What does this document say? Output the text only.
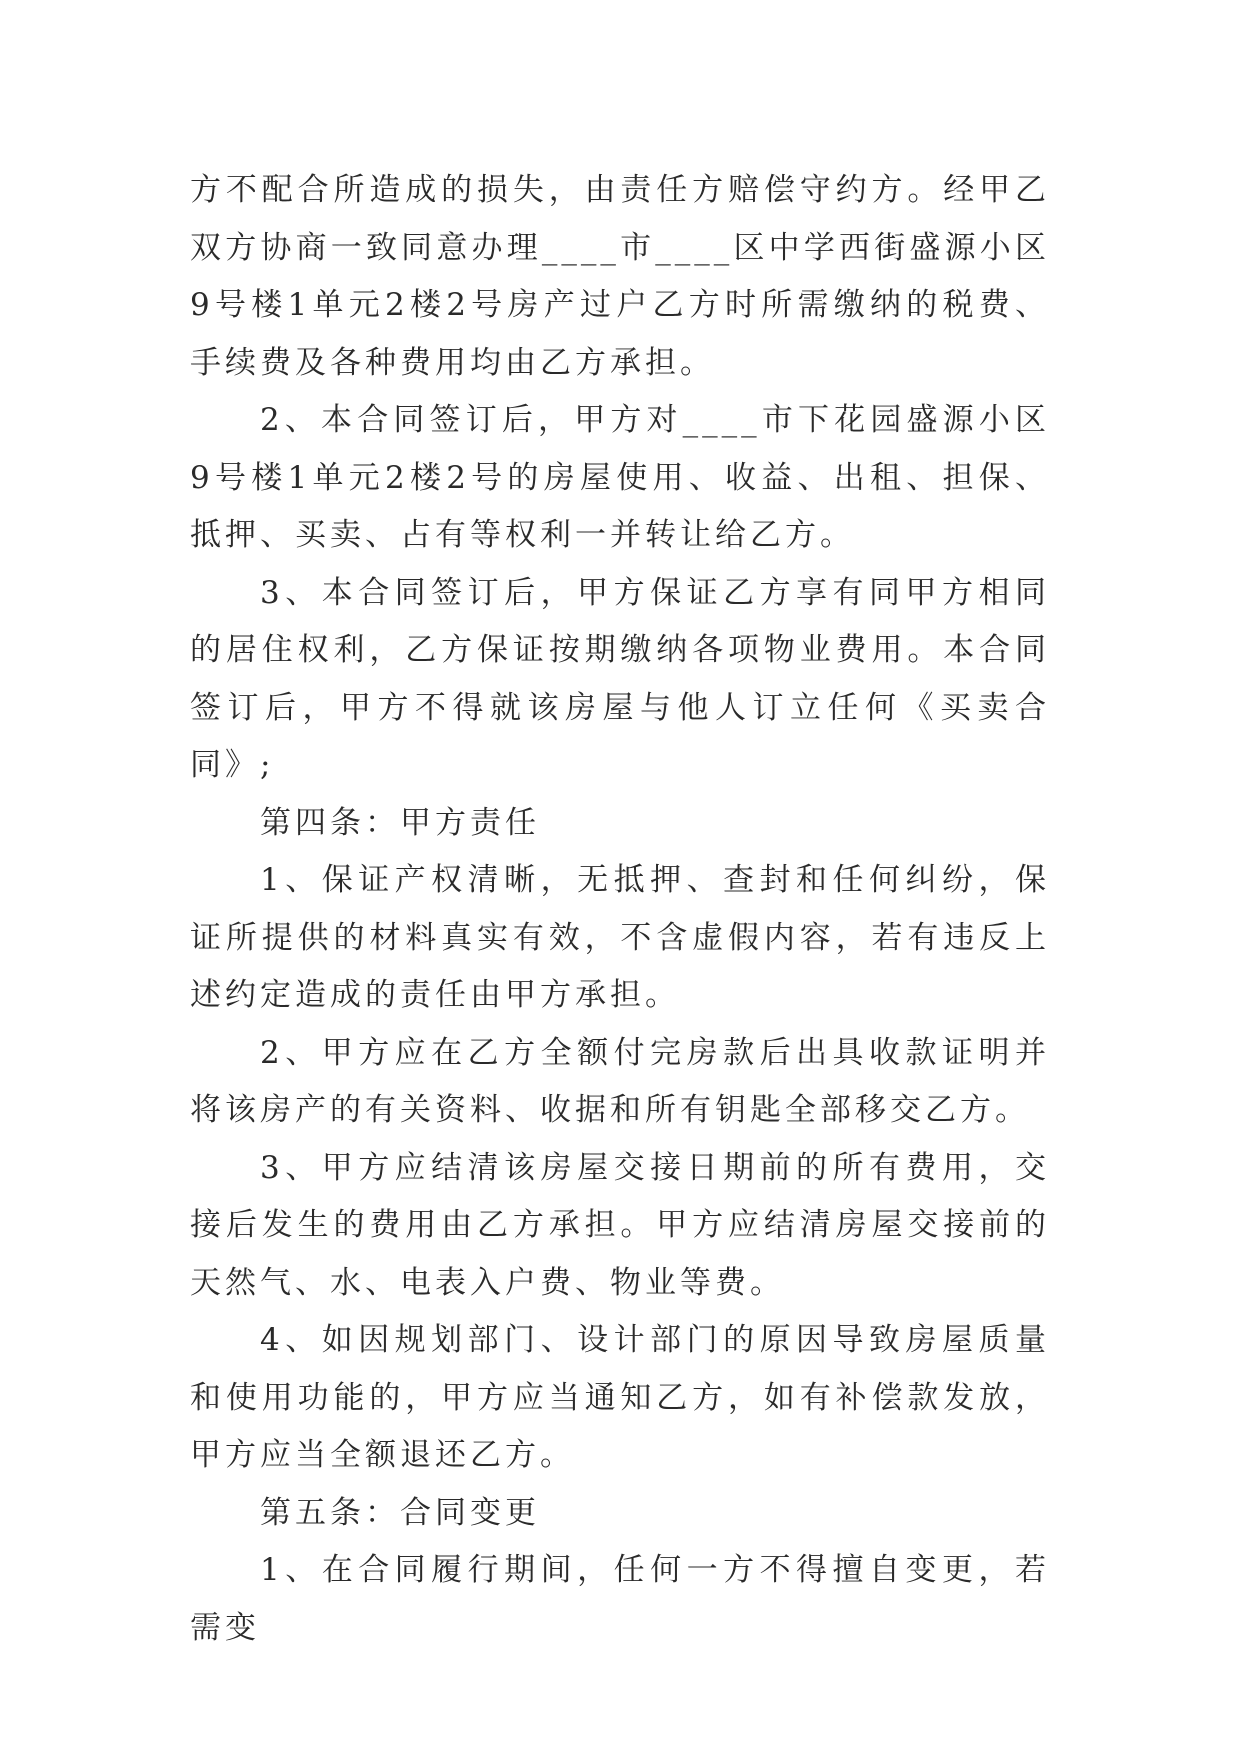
方不配合所造成的损失，由责任方赔偿守约方。经甲乙双方协商一致同意办理____市____区中学西街盛源小区9号楼1单元2楼2号房产过户乙方时所需缴纳的税费、手续费及各种费用均由乙方承担。

2、本合同签订后，甲方对____市下花园盛源小区9号楼1单元2楼2号的房屋使用、收益、出租、担保、抵押、买卖、占有等权利一并转让给乙方。

3、本合同签订后，甲方保证乙方享有同甲方相同的居住权利，乙方保证按期缴纳各项物业费用。本合同签订后，甲方不得就该房屋与他人订立任何《买卖合同》;

第四条：甲方责任

1、保证产权清晰，无抵押、查封和任何纠纷，保证所提供的材料真实有效，不含虚假内容，若有违反上述约定造成的责任由甲方承担。

2、甲方应在乙方全额付完房款后出具收款证明并将该房产的有关资料、收据和所有钥匙全部移交乙方。

3、甲方应结清该房屋交接日期前的所有费用，交接后发生的费用由乙方承担。甲方应结清房屋交接前的天然气、水、电表入户费、物业等费。

4、如因规划部门、设计部门的原因导致房屋质量和使用功能的，甲方应当通知乙方，如有补偿款发放，甲方应当全额退还乙方。

第五条：合同变更

1、在合同履行期间，任何一方不得擅自变更，若需变
